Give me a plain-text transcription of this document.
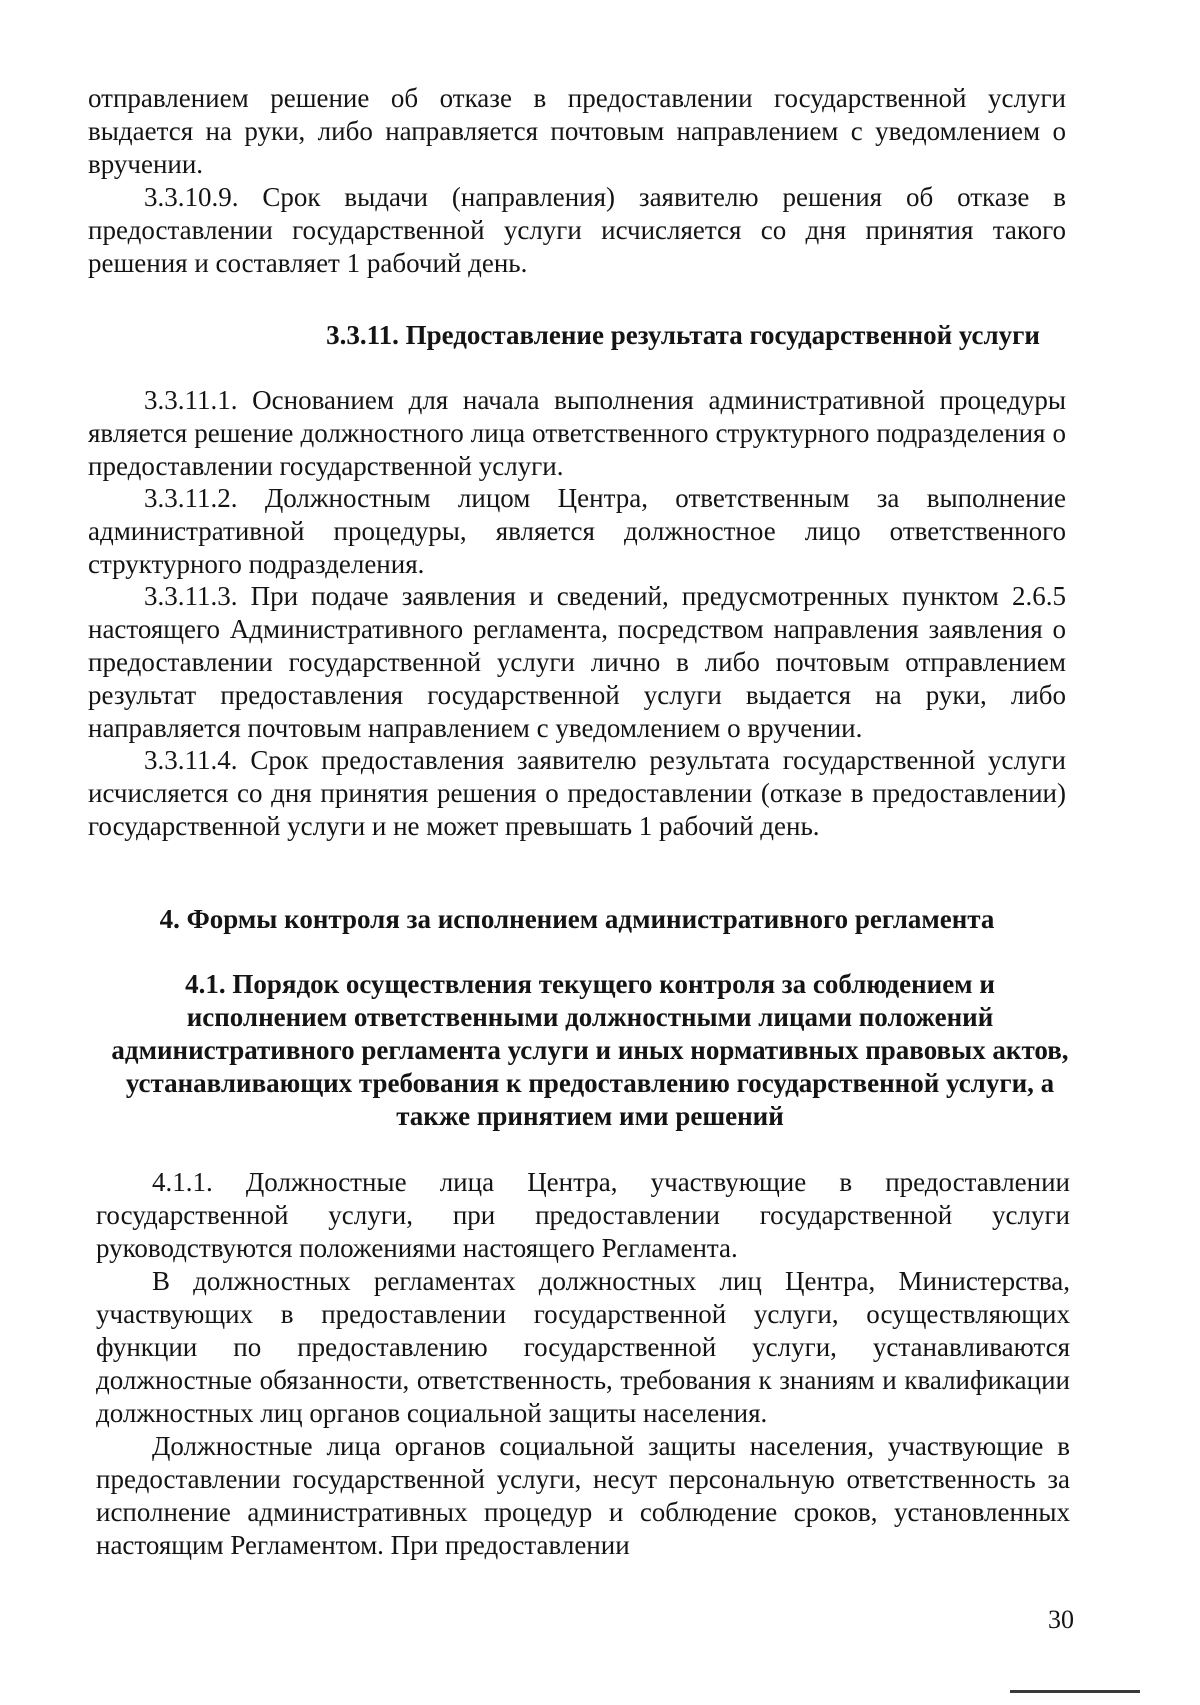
отправлением решение об отказе в предоставлении государственной услуги выдается на руки, либо направляется почтовым направлением с уведомлением о вручении.

3.3.10.9. Срок выдачи (направления) заявителю решения об отказе в предоставлении государственной услуги исчисляется со дня принятия такого решения и составляет 1 рабочий день.

3.3.11. Предоставление результата государственной услуги

3.3.11.1. Основанием для начала выполнения административной процедуры является решение должностного лица ответственного структурного подразделения о предоставлении государственной услуги.

3.3.11.2. Должностным лицом Центра, ответственным за выполнение административной процедуры, является должностное лицо ответственного структурного подразделения.

3.3.11.3. При подаче заявления и сведений, предусмотренных пунктом 2.6.5 настоящего Административного регламента, посредством направления заявления о предоставлении государственной услуги лично в либо почтовым отправлением результат предоставления государственной услуги выдается на руки, либо направляется почтовым направлением с уведомлением о вручении.

3.3.11.4. Срок предоставления заявителю результата государственной услуги исчисляется со дня принятия решения о предоставлении (отказе в предоставлении) государственной услуги и не может превышать 1 рабочий день.

4. Формы контроля за исполнением административного регламента

4.1. Порядок осуществления текущего контроля за соблюдением и исполнением ответственными должностными лицами положений административного регламента услуги и иных нормативных правовых актов, устанавливающих требования к предоставлению государственной услуги, а также принятием ими решений

4.1.1. Должностные лица Центра, участвующие в предоставлении государственной услуги, при предоставлении государственной услуги руководствуются положениями настоящего Регламента.

В должностных регламентах должностных лиц Центра, Министерства, участвующих в предоставлении государственной услуги, осуществляющих функции по предоставлению государственной услуги, устанавливаются должностные обязанности, ответственность, требования к знаниям и квалификации должностных лиц органов социальной защиты населения.

Должностные лица органов социальной защиты населения, участвующие в предоставлении государственной услуги, несут персональную ответственность за исполнение административных процедур и соблюдение сроков, установленных настоящим Регламентом. При предоставлении

30
